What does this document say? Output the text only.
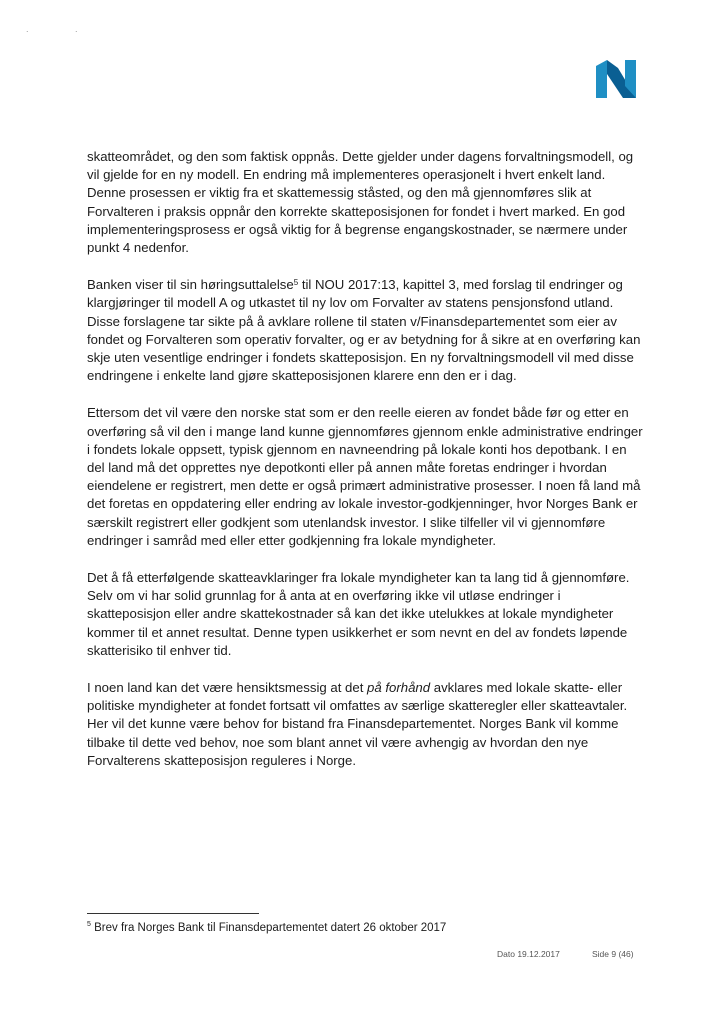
. .

skatteområdet, og den som faktisk oppnås. Dette gjelder under dagens forvaltningsmodell, og vil gjelde for en ny modell. En endring må implementeres operasjonelt i hvert enkelt land. Denne prosessen er viktig fra et skattemessig ståsted, og den må gjennomføres slik at Forvalteren i praksis oppnår den korrekte skatteposisjonen for fondet i hvert marked. En god implementeringsprosess er også viktig for å begrense engangskostnader, se nærmere under punkt 4 nedenfor.

Banken viser til sin høringsuttalelse$^5$ til NOU 2017:13, kapittel 3, med forslag til endringer og klargjøringer til modell A og utkastet til ny lov om Forvalter av statens pensjonsfond utland. Disse forslagene tar sikte på å avklare rollene til staten v/Finansdepartementet som eier av fondet og Forvalteren som operativ forvalter, og er av betydning for å sikre at en overføring kan skje uten vesentlige endringer i fondets skatteposisjon. En ny forvaltningsmodell vil med disse endringene i enkelte land gjøre skatteposisjonen klarere enn den er i dag.

Ettersom det vil være den norske stat som er den reelle eieren av fondet både før og etter en overføring så vil den i mange land kunne gjennomføres gjennom enkle administrative endringer i fondets lokale oppsett, typisk gjennom en navneendring på lokale konti hos depotbank. I en del land må det opprettes nye depotkonti eller på annen måte foretas endringer i hvordan eiendelene er registrert, men dette er også primært administrative prosesser. I noen få land må det foretas en oppdatering eller endring av lokale investor-godkjenninger, hvor Norges Bank er særskilt registrert eller godkjent som utenlandsk investor. I slike tilfeller vil vi gjennomføre endringer i samråd med eller etter godkjenning fra lokale myndigheter.

Det å få etterfølgende skatteavklaringer fra lokale myndigheter kan ta lang tid å gjennomføre. Selv om vi har solid grunnlag for å anta at en overføring ikke vil utløse endringer i skatteposisjon eller andre skattekostnader så kan det ikke utelukkes at lokale myndigheter kommer til et annet resultat. Denne typen usikkerhet er som nevnt en del av fondets løpende skatterisiko til enhver tid.

I noen land kan det være hensiktsmessig at det på forhånd avklares med lokale skatte- eller politiske myndigheter at fondet fortsatt vil omfattes av særlige skatteregler eller skatteavtaler. Her vil det kunne være behov for bistand fra Finansdepartementet. Norges Bank vil komme tilbake til dette ved behov, noe som blant annet vil være avhengig av hvordan den nye Forvalterens skatteposisjon reguleres i Norge.

$^5$ Brev fra Norges Bank til Finansdepartementet datert 26 oktober 2017
Dato 19.12.2017	Side 9 (46)
